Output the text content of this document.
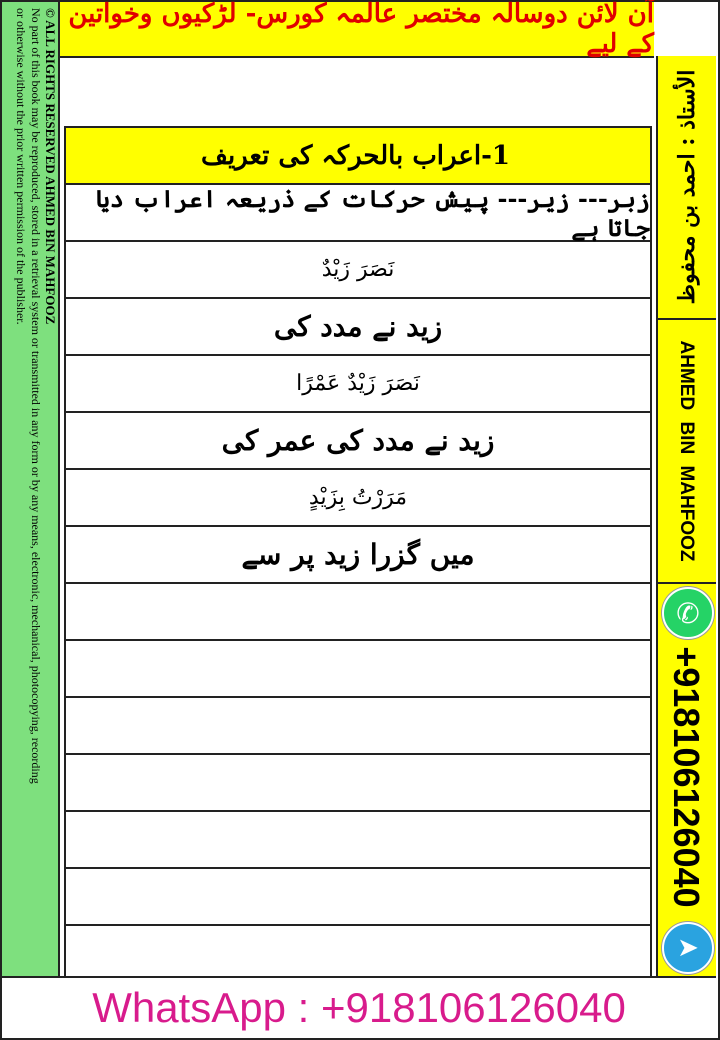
آن لائن دوسالہ مختصر عالمہ کورس- لڑکیوں وخواتین کے لیے
© ALL RIGHTS RESERVED AHMED BIN MAHFOOZ
No part of this book may be reproduced, stored in a retrieval system or transmitted in any form or by any means, electronic, mechanical, photocopying, recording
or otherwise without the prior written permission of the publisher.	الأستاذ : احمد بن محفوظ
AHMED BIN MAHFOOZ
✆
+918106126040
➤
1-اعراب بالحرکہ کی تعریف
زبر--- زیر--- پیش حرکات کے ذریعہ اعراب دیا جاتا ہے
نَصَرَ زَیْدٌ
زید نے مدد کی
نَصَرَ زَیْدٌ عَمْرًا
زید نے مدد کی عمر کی
مَرَرْتُ بِزَیْدٍ
میں گزرا زید پر سے
WhatsApp : +918106126040
